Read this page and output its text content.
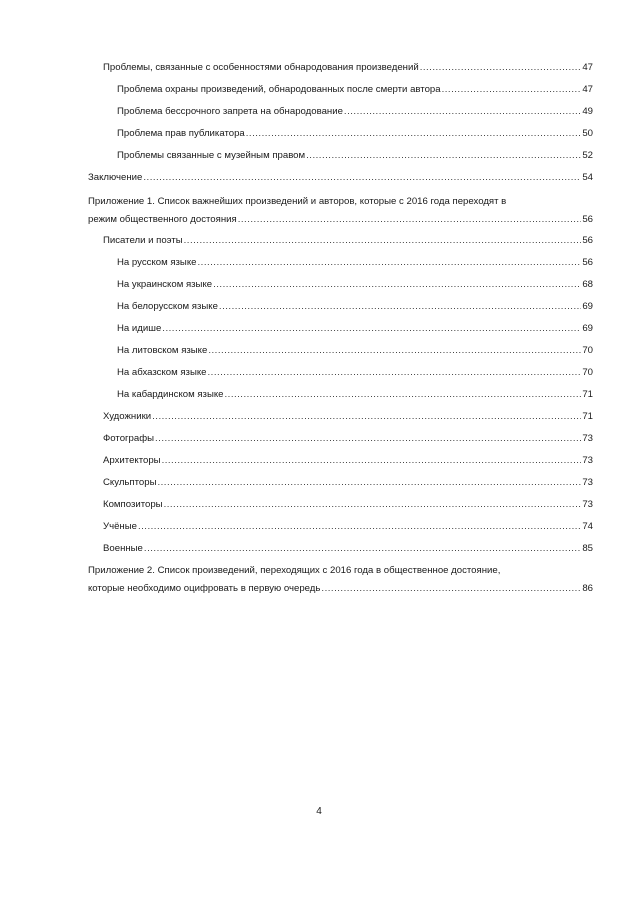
Проблемы, связанные с особенностями обнародования произведений .....	47
Проблема охраны произведений, обнародованных после смерти автора .....	47
Проблема бессрочного запрета на обнародование .....	49
Проблема прав публикатора .....	50
Проблемы связанные с музейным правом .....	52
Заключение .....	54
Приложение 1. Список важнейших произведений и авторов, которые с 2016 года переходят в
режим общественного достояния .....	56
Писатели и поэты .....	56
На русском языке .....	56
На украинском языке .....	68
На белорусском языке .....	69
На идише .....	69
На литовском языке .....	70
На абхазском языке .....	70
На кабардинском языке .....	71
Художники .....	71
Фотографы .....	73
Архитекторы .....	73
Скульпторы .....	73
Композиторы .....	73
Учёные .....	74
Военные .....	85
Приложение 2. Список произведений, переходящих с 2016 года в общественное достояние,
которые необходимо оцифровать в первую очередь .....	86
4
